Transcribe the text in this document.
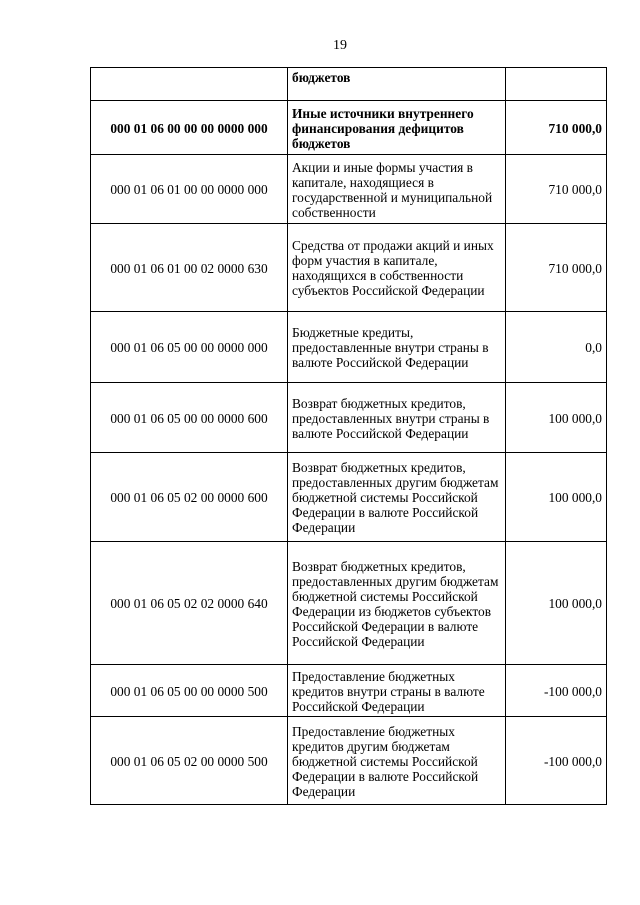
19
	бюджетов	
000 01 06 00 00 00 0000 000	Иные источники внутреннего финансирования дефицитов бюджетов	710 000,0
000 01 06 01 00 00 0000 000	Акции и иные формы участия в капитале, находящиеся в государственной и муниципальной собственности	710 000,0
000 01 06 01 00 02 0000 630	Средства от продажи акций и иных форм участия в капитале, находящихся в собственности субъектов Российской Федерации	710 000,0
000 01 06 05 00 00 0000 000	Бюджетные кредиты, предоставленные внутри страны в валюте Российской Федерации	0,0
000 01 06 05 00 00 0000 600	Возврат бюджетных кредитов, предоставленных внутри страны в валюте Российской Федерации	100 000,0
000 01 06 05 02 00 0000 600	Возврат бюджетных кредитов, предоставленных другим бюджетам бюджетной системы Российской Федерации в валюте Российской Федерации	100 000,0
000 01 06 05 02 02 0000 640	Возврат бюджетных кредитов, предоставленных другим бюджетам бюджетной системы Российской Федерации из бюджетов субъектов Российской Федерации в валюте Российской Федерации	100 000,0
000 01 06 05 00 00 0000 500	Предоставление бюджетных кредитов внутри страны в валюте Российской Федерации	-100 000,0
000 01 06 05 02 00 0000 500	Предоставление бюджетных кредитов другим бюджетам бюджетной системы Российской Федерации в валюте Российской Федерации	-100 000,0
